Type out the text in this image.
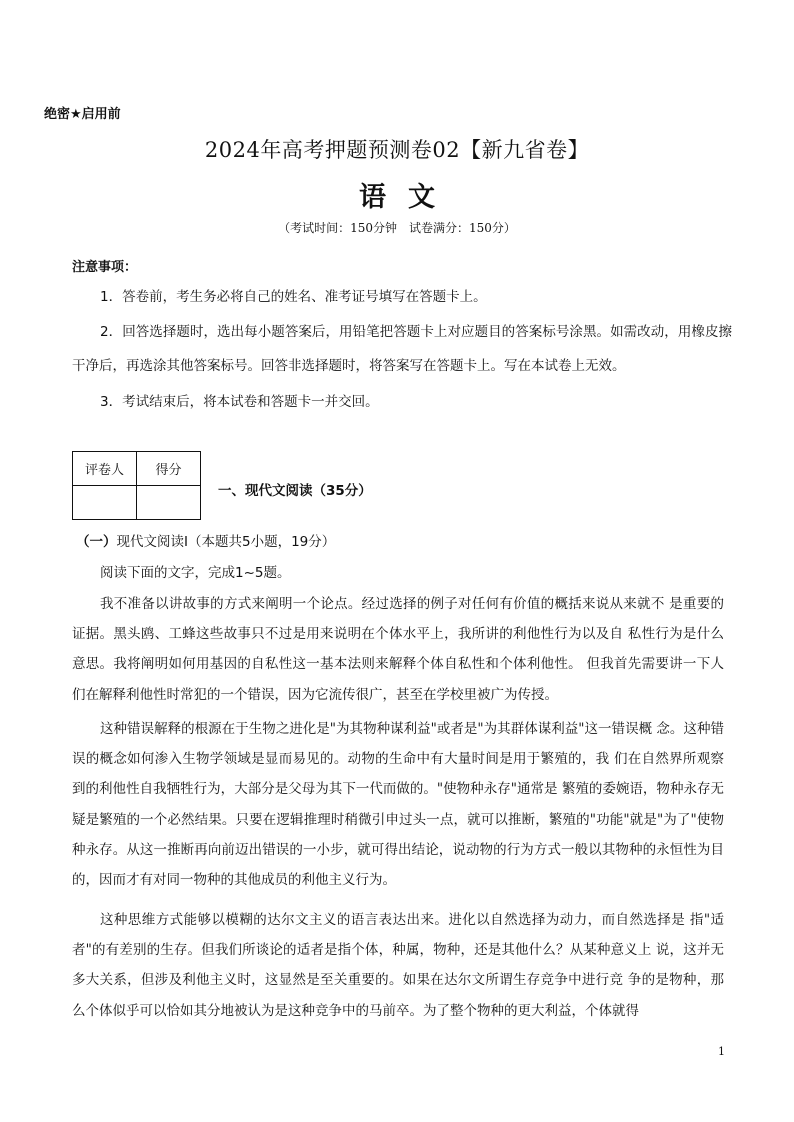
绝密★启用前
2024年高考押题预测卷02【新九省卷】
语文
（考试时间：150分钟　试卷满分：150分）
注意事项：
1．答卷前，考生务必将自己的姓名、准考证号填写在答题卡上。
2．回答选择题时，选出每小题答案后，用铅笔把答题卡上对应题目的答案标号涂黑。如需改动，用橡皮擦干净后，再选涂其他答案标号。回答非选择题时，将答案写在答题卡上。写在本试卷上无效。
3．考试结束后，将本试卷和答题卡一并交回。
评卷人	得分

一、现代文阅读（35分）
（一）现代文阅读Ⅰ（本题共5小题，19分）
阅读下面的文字，完成1~5题。
我不准备以讲故事的方式来阐明一个论点。经过选择的例子对任何有价值的概括来说从来就不 是重要的证据。黑头鸥、工蜂这些故事只不过是用来说明在个体水平上，我所讲的利他性行为以及自 私性行为是什么意思。我将阐明如何用基因的自私性这一基本法则来解释个体自私性和个体利他性。 但我首先需要讲一下人们在解释利他性时常犯的一个错误，因为它流传很广，甚至在学校里被广为传授。
这种错误解释的根源在于生物之进化是"为其物种谋利益"或者是"为其群体谋利益"这一错误概 念。这种错误的概念如何渗入生物学领域是显而易见的。动物的生命中有大量时间是用于繁殖的，我 们在自然界所观察到的利他性自我牺牲行为，大部分是父母为其下一代而做的。"使物种永存"通常是 繁殖的委婉语，物种永存无疑是繁殖的一个必然结果。只要在逻辑推理时稍微引申过头一点，就可以推断，繁殖的"功能"就是"为了"使物种永存。从这一推断再向前迈出错误的一小步，就可得出结论，说动物的行为方式一般以其物种的永恒性为目的，因而才有对同一物种的其他成员的利他主义行为。
这种思维方式能够以模糊的达尔文主义的语言表达出来。进化以自然选择为动力，而自然选择是 指"适者"的有差别的生存。但我们所谈论的适者是指个体，种属，物种，还是其他什么？从某种意义上 说，这并无多大关系，但涉及利他主义时，这显然是至关重要的。如果在达尔文所谓生存竞争中进行竞 争的是物种，那么个体似乎可以恰如其分地被认为是这种竞争中的马前卒。为了整个物种的更大利益，个体就得
1
